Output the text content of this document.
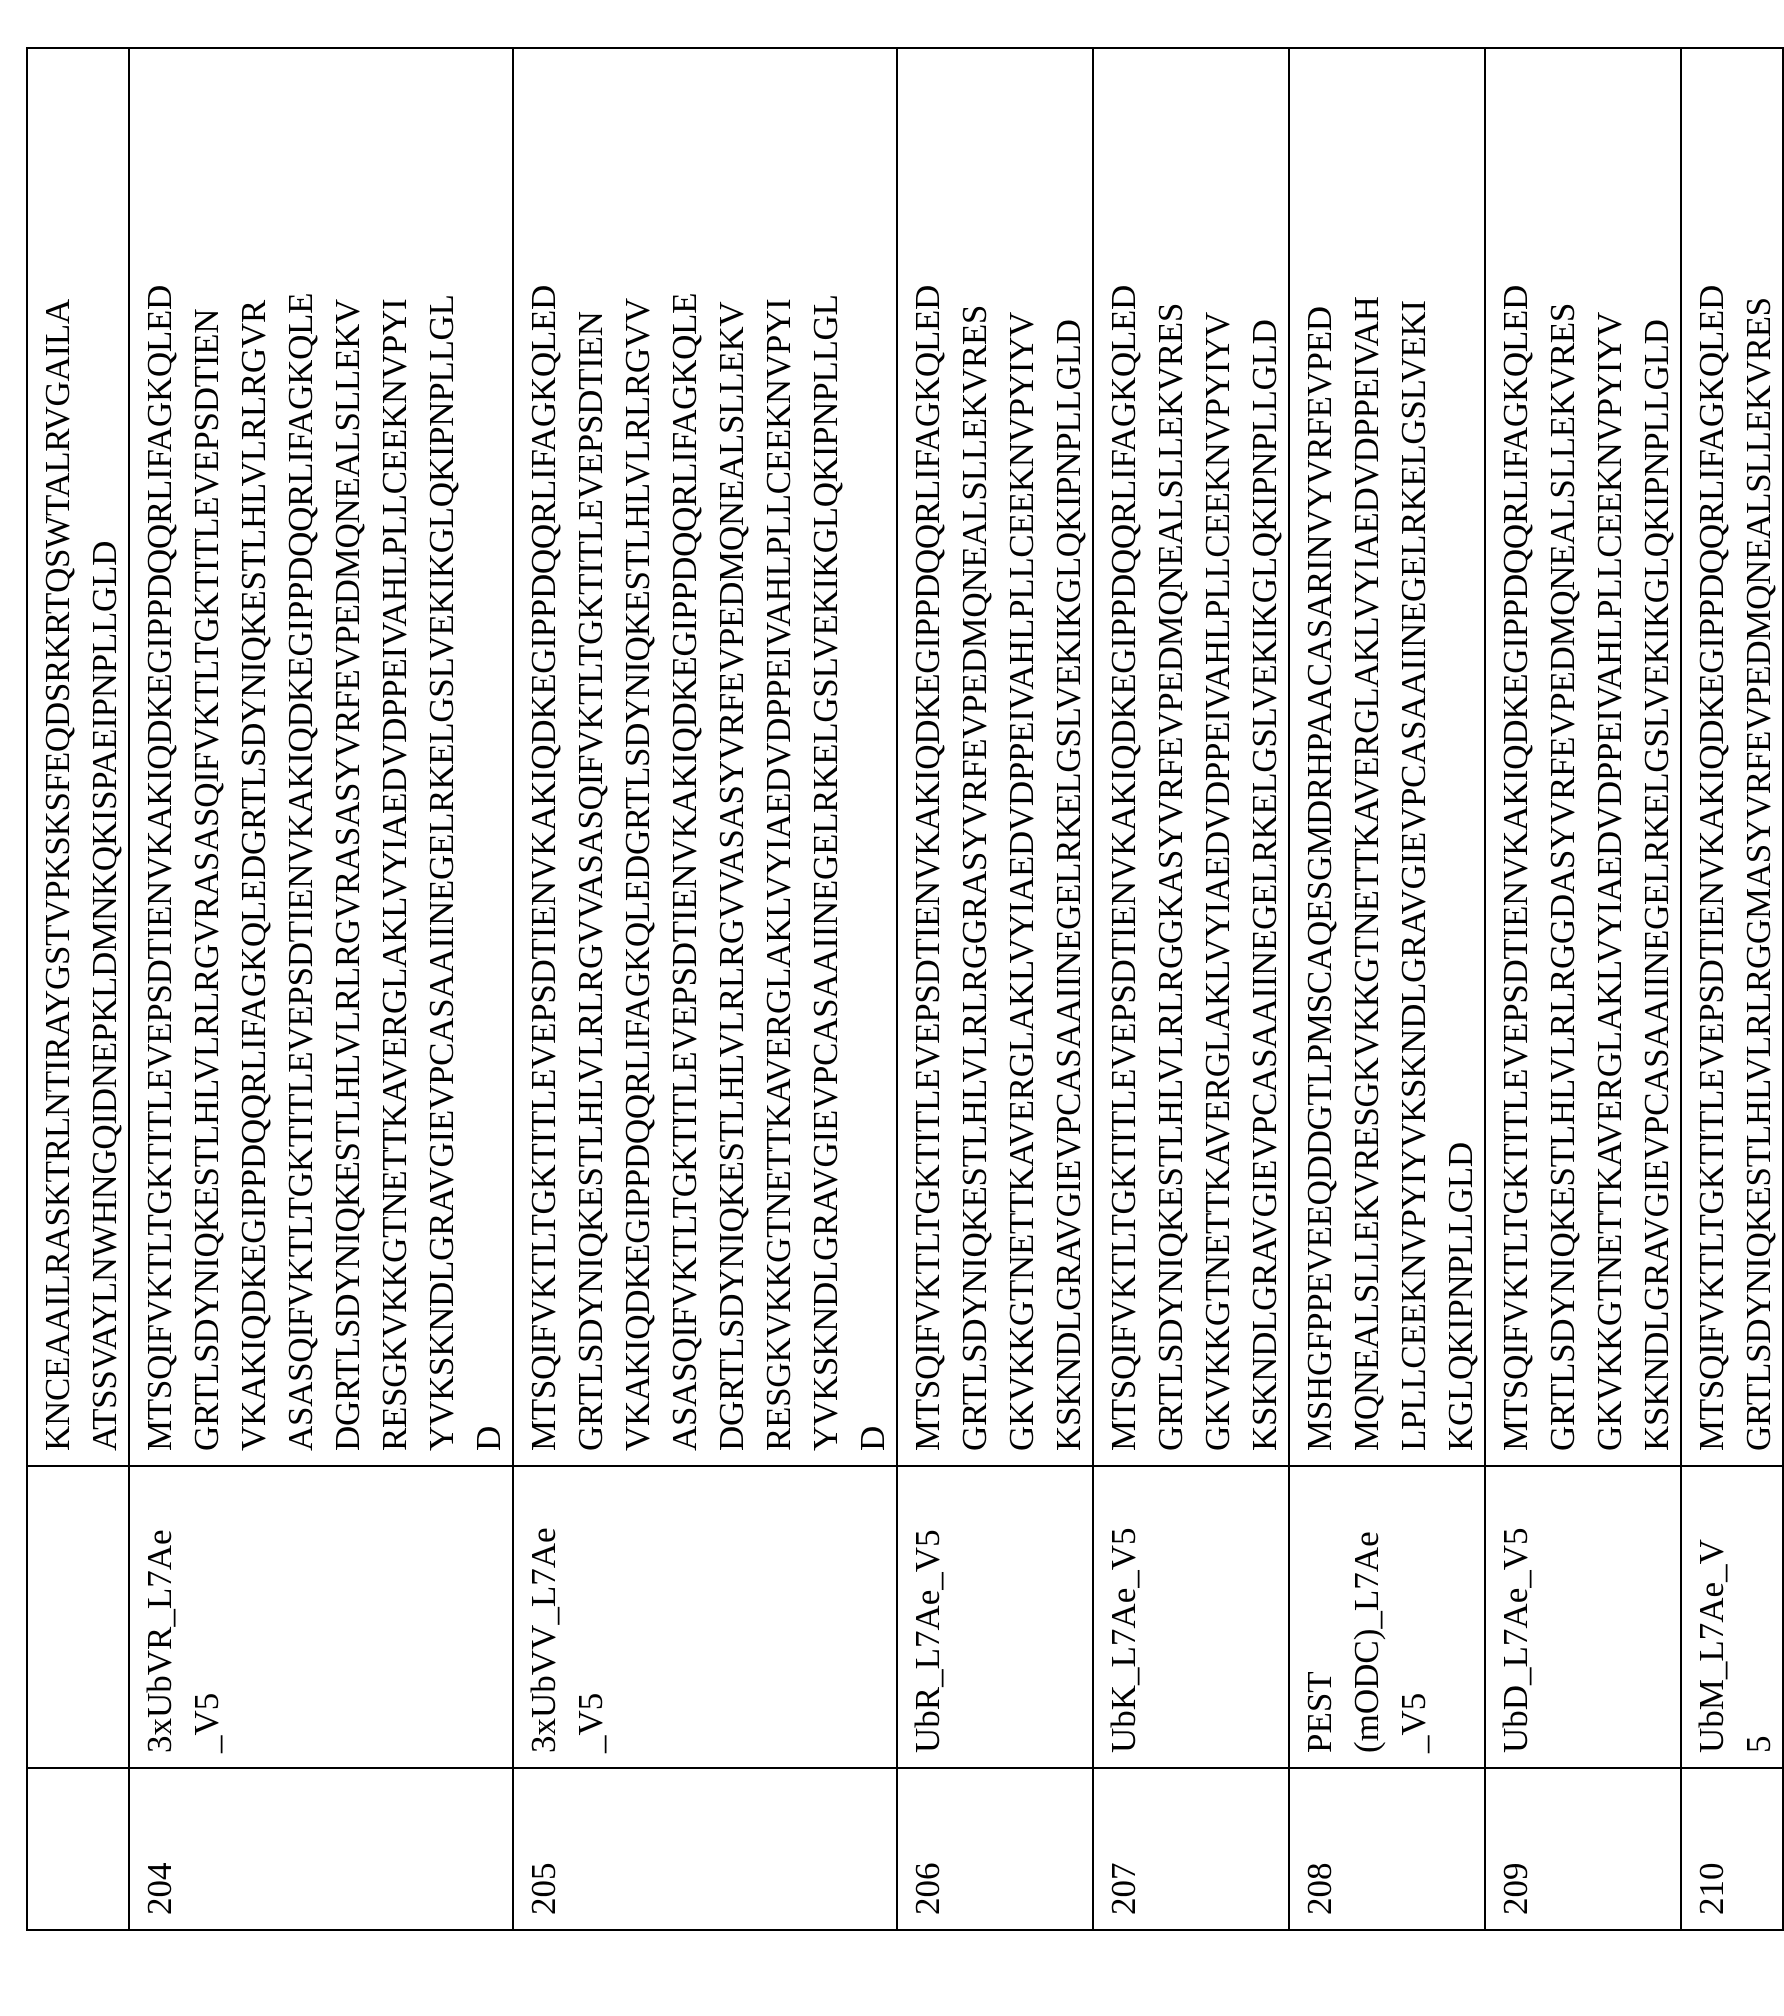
		KNCEAAILRASKTRLNTIRAYGSTVPKSKSFEQDSRKRTQSWTALRVGAILA
ATSSVAYLNWHNGQIDNEPKLDMNKQKISPAEIPNPLLGLD
204	3xUbVR_L7Ae
_V5	MTSQIFVKTLTGKTITLEVEPSDTIENVKAKIQDKEGIPPDQQRLIFAGKQLED
GRTLSDYNIQKESTLHLVLRLRGVRASASQIFVKTLTGKTITLEVEPSDTIEN
VKAKIQDKEGIPPDQQRLIFAGKQLEDGRTLSDYNIQKESTLHLVLRLRGVR
ASASQIFVKTLTGKTITLEVEPSDTIENVKAKIQDKEGIPPDQQRLIFAGKQLE
DGRTLSDYNIQKESTLHLVLRLRGVRASASYVRFEVPEDMQNEALSLLEKV
RESGKVKKGTNETTKAVERGLAKLVYIAEDVDPPEIVAHLPLLCEEKNVPYI
YVKSKNDLGRAVGIEVPCASAAIINEGELRKELGSLVEKIKGLQKIPNPLLGL
D
205	3xUbVV_L7Ae
_V5	MTSQIFVKTLTGKTITLEVEPSDTIENVKAKIQDKEGIPPDQQRLIFAGKQLED
GRTLSDYNIQKESTLHLVLRLRGVVASASQIFVKTLTGKTITLEVEPSDTIEN
VKAKIQDKEGIPPDQQRLIFAGKQLEDGRTLSDYNIQKESTLHLVLRLRGVV
ASASQIFVKTLTGKTITLEVEPSDTIENVKAKIQDKEGIPPDQQRLIFAGKQLE
DGRTLSDYNIQKESTLHLVLRLRGVVASASYVRFEVPEDMQNEALSLLEKV
RESGKVKKGTNETTKAVERGLAKLVYIAEDVDPPEIVAHLPLLCEEKNVPYI
YVKSKNDLGRAVGIEVPCASAAIINEGELRKELGSLVEKIKGLQKIPNPLLGL
D
206	UbR_L7Ae_V5	MTSQIFVKTLTGKTITLEVEPSDTIENVKAKIQDKEGIPPDQQRLIFAGKQLED
GRTLSDYNIQKESTLHLVLRLRGGRASYVRFEVPEDMQNEALSLLEKVRES
GKVKKGTNETTKAVERGLAKLVYIAEDVDPPEIVAHLPLLCEEKNVPYIYV
KSKNDLGRAVGIEVPCASAAIINEGELRKELGSLVEKIKGLQKIPNPLLGLD
207	UbK_L7Ae_V5	MTSQIFVKTLTGKTITLEVEPSDTIENVKAKIQDKEGIPPDQQRLIFAGKQLED
GRTLSDYNIQKESTLHLVLRLRGGKASYVRFEVPEDMQNEALSLLEKVRES
GKVKKGTNETTKAVERGLAKLVYIAEDVDPPEIVAHLPLLCEEKNVPYIYV
KSKNDLGRAVGIEVPCASAAIINEGELRKELGSLVEKIKGLQKIPNPLLGLD
208	PEST
(mODC)_L7Ae
_V5	MSHGFPPEVEEQDDGTLPMSCAQESGMDRHPAACASARINVYVRFEVPED
MQNEALSLLEKVRESGKVKKGTNETTKAVERGLAKLVYIAEDVDPPEIVAH
LPLLCEEKNVPYIYVKSKNDLGRAVGIEVPCASAAIINEGELRKELGSLVEKI
KGLQKIPNPLLGLD
209	UbD_L7Ae_V5	MTSQIFVKTLTGKTITLEVEPSDTIENVKAKIQDKEGIPPDQQRLIFAGKQLED
GRTLSDYNIQKESTLHLVLRLRGGDASYVRFEVPEDMQNEALSLLEKVRES
GKVKKGTNETTKAVERGLAKLVYIAEDVDPPEIVAHLPLLCEEKNVPYIYV
KSKNDLGRAVGIEVPCASAAIINEGELRKELGSLVEKIKGLQKIPNPLLGLD
210	UbM_L7Ae_V
5	MTSQIFVKTLTGKTITLEVEPSDTIENVKAKIQDKEGIPPDQQRLIFAGKQLED
GRTLSDYNIQKESTLHLVLRLRGGMASYVRFEVPEDMQNEALSLLEKVRES
